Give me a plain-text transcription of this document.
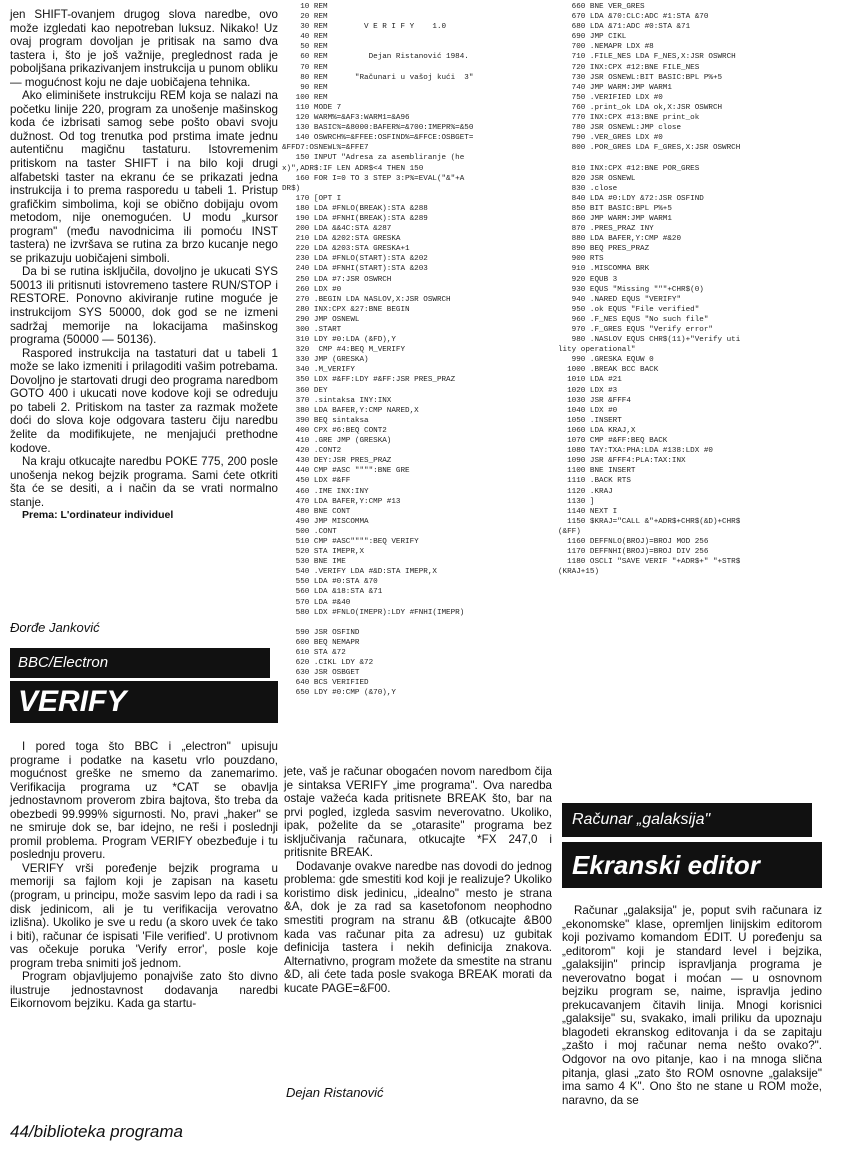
jen SHIFT-ovanjem drugog slova naredbe, ovo može izgledati kao nepotreban luksuz. Nikako! Uz ovaj program dovoljan je pritisak na samo dva tastera i, što je još važnije, preglednost rada je poboljšana prikazivanjem instrukcija u punom obliku — mogućnost koju ne daje uobičajena tehnika.

Ako eliminišete instrukciju REM koja se nalazi na početku linije 220, program za unošenje mašinskog koda će izbrisati samog sebe pošto obavi svoju dužnost. Od tog trenutka pod prstima imate jednu autentičnu magičnu tastaturu. Istovremenim pritiskom na taster SHIFT i na bilo koji drugi alfabetski taster na ekranu će se prikazati jedna instrukcija i to prema rasporedu u tabeli 1. Pristup grafičkim simbolima, koji se obično dobijaju ovom metodom, nije onemogućen. U modu „kursor program" (među navodnicima ili pomoću INST tastera) ne izvršava se rutina za brzo kucanje nego se prikazuju uobičajeni simboli.

Da bi se rutina isključila, dovoljno je ukucati SYS 50013 ili pritisnuti istovremeno tastere RUN/STOP i RESTORE. Ponovno akiviranje rutine moguće je instrukcijom SYS 50000, dok god se ne izmeni sadržaj memorije na lokacijama mašinskog programa (50000 — 50136).

Raspored instrukcija na tastaturi dat u tabeli 1 može se lako izmeniti i prilagoditi vašim potrebama. Dovoljno je startovati drugi deo programa naredbom GOTO 400 i ukucati nove kodove koji se odreduju po tabeli 2. Pritiskom na taster za razmak možete doći do slova koje odgovara tasteru čiju naredbu želite da modifikujete, ne menjajući prethodne kodove.

Na kraju otkucajte naredbu POKE 775, 200 posle unošenja nekog bejzik programa. Sami ćete otkriti šta će se desiti, a i način da se vrati normalno stanje.

Prema: L'ordinateur individuel

Đorđe Janković
BBC/Electron
VERIFY

I pored toga što BBC i „electron" upisuju programe i podatke na kasetu vrlo pouzdano, mogućnost greške ne smemo da zanemarimo. Verifikacija programa uz *CAT se obavlja jednostavnom proverom zbira bajtova, što treba da obezbedi 99.999% sigurnosti. No, pravi „haker" se ne smiruje dok se, bar idejno, ne reši i poslednji promil problema. Program VERIFY obezbeđuje i tu poslednju proveru.

VERIFY vrši poređenje bejzik programa u memoriji sa fajlom koji je zapisan na kasetu (program, u principu, može sasvim lepo da radi i sa disk jedinicom, ali je tu verifikacija verovatno izlišna). Ukoliko je sve u redu (a skoro uvek će tako i biti), računar će ispisati 'File verified'. U protivnom vas očekuje poruka 'Verify error', posle koje program treba snimiti još jednom.

Program objavljujemo ponajviše zato što divno ilustruje jednostavnost dodavanja naredbi Eikornovom bejziku. Kada ga startu-

44/biblioteka programa
10 REM
20 REM
30 REM        V E R I F Y    1.0
40 REM
50 REM
60 REM         Dejan Ristanović 1984.
70 REM
80 REM      "Računari u vašoj kući  3"
90 REM
100 REM
110 MODE 7
120 WARM%=&AF3:WARM1=&A96
130 BASIC%=&8000:BAFER%=&700:IMEPR%=&50
140 OSWRCH%=&FFEE:OSFIND%=&FFCE:OSBGET=
&FFD7:OSNEWL%=&FFE7
150 INPUT "Adresa za asembliranje (he
x)",ADR$:IF LEN ADR$<4 THEN 150
160 FOR I=0 TO 3 STEP 3:P%=EVAL("&"+A
DR$)
170 [OPT I
180 LDA #FNLO(BREAK):STA &288
190 LDA #FNHI(BREAK):STA &289
200 LDA &&4C:STA &287
210 LDA &202:STA GRESKA
220 LDA &203:STA GRESKA+1
230 LDA #FNLO(START):STA &202
240 LDA #FNHI(START):STA &203
250 LDA #7:JSR OSWRCH
260 LDX #0
270 .BEGIN LDA NASLOV,X:JSR OSWRCH
280 INX:CPX &27:BNE BEGIN
290 JMP OSNEWL
300 .START
310 LDY #0:LDA (&FD),Y
320  CMP #4:BEQ M_VERIFY
330 JMP (GRESKA)
340 .M_VERIFY
350 LDX #&FF:LDY #&FF:JSR PRES_PRAZ
360 DEY
370 .sintaksa INY:INX
380 LDA BAFER,Y:CMP NARED,X
390 BEQ sintaksa
400 CPX #6:BEQ CONT2
410 .GRE JMP (GRESKA)
420 .CONT2
430 DEY:JSR PRES_PRAZ
440 CMP #ASC """":BNE GRE
450 LDX #&FF
460 .IME INX:INY
470 LDA BAFER,Y:CMP #13
480 BNE CONT
490 JMP MISCOMMA
500 .CONT
510 CMP #ASC"""":BEQ VERIFY
520 STA IMEPR,X
530 BNE IME
540 .VERIFY LDA #&D:STA IMEPR,X
550 LDA #0:STA &70
560 LDA &18:STA &71
570 LDA #&40
580 LDX #FNLO(IMEPR):LDY #FNHI(IMEPR)

590 JSR OSFIND
600 BEQ NEMAPR
610 STA &72
620 .CIKL LDY &72
630 JSR OSBGET
640 BCS VERIFIED
650 LDY #0:CMP (&70),Y

jete, vaš je računar obogaćen novom naredbom čija je sintaksa VERIFY „ime programa". Ova naredba ostaje važeća kada pritisnete BREAK što, bar na prvi pogled, izgleda sasvim neverovatno. Ukoliko, ipak, poželite da se „otarasite" programa bez isključivanja računara, otkucajte *FX 247,0 i pritisnite BREAK.

Dodavanje ovakve naredbe nas dovodi do jednog problema: gde smestiti kod koji je realizuje? Ukoliko koristimo disk jedinicu, „idealno" mesto je strana &A, dok je za rad sa kasetofonom neophodno smestiti program na stranu &B (otkucajte &B00 kada vas računar pita za adresu) uz gubitak definicija tastera i nekih definicija znakova. Alternativno, program možete da smestite na stranu &D, ali ćete tada posle svakoga BREAK morati da kucate PAGE=&F00.

Dejan Ristanović
660 BNE VER_GRES
670 LDA &70:CLC:ADC #1:STA &70
680 LDA &71:ADC #0:STA &71
690 JMP CIKL
700 .NEMAPR LDX #8
710 .FILE_NES LDA F_NES,X:JSR OSWRCH
720 INX:CPX #12:BNE FILE_NES
730 JSR OSNEWL:BIT BASIC:BPL P%+5
740 JMP WARM:JMP WARM1
750 .VERIFIED LDX #0
760 .print_ok LDA ok,X:JSR OSWRCH
770 INX:CPX #13:BNE print_ok
780 JSR OSNEWL:JMP close
790 .VER_GRES LDX #0
800 .POR_GRES LDA F_GRES,X:JSR OSWRCH

810 INX:CPX #12:BNE POR_GRES
820 JSR OSNEWL
830 .close
840 LDA #0:LDY &72:JSR OSFIND
850 BIT BASIC:BPL P%+5
860 JMP WARM:JMP WARM1
870 .PRES_PRAZ INY
880 LDA BAFER,Y:CMP #&20
890 BEQ PRES_PRAZ
900 RTS
910 .MISCOMMA BRK
920 EQUB 3
930 EQUS "Missing """+CHR$(0)
940 .NARED EQUS "VERIFY"
950 .ok EQUS "File verified"
960 .F_NES EQUS "No such file"
970 .F_GRES EQUS "Verify error"
980 .NASLOV EQUS CHR$(11)+"Verify uti
lity operational"
990 .GRESKA EQUW 0
1000 .BREAK BCC BACK
1010 LDA #21
1020 LDX #3
1030 JSR &FFF4
1040 LDX #0
1050 .INSERT
1060 LDA KRAJ,X
1070 CMP #&FF:BEQ BACK
1080 TAY:TXA:PHA:LDA #138:LDX #0
1090 JSR &FFF4:PLA:TAX:INX
1100 BNE INSERT
1110 .BACK RTS
1120 .KRAJ
1130 ]
1140 NEXT I
1150 $KRAJ="CALL &"+ADR$+CHR$(&D)+CHR$
(&FF)
1160 DEFFNLO(BROJ)=BROJ MOD 256
1170 DEFFNHI(BROJ)=BROJ DIV 256
1180 OSCLI "SAVE VERIF "+ADR$+" "+STR$
(KRAJ+15)
Računar „galaksija"
Ekranski editor

Računar „galaksija" je, poput svih računara iz „ekonomske" klase, opremljen linijskim editorom koji pozivamo komandom EDIT. U poređenju sa „editorom" koji je standard level i bejzika, „galaksijin" princip ispravljanja programa je neverovatno bogat i moćan — u osnovnom bejziku program se, naime, ispravlja jedino prekucavanjem čitavih linija. Mnogi korisnici „galaksije" su, svakako, imali priliku da upoznaju blagodeti ekranskog editovanja i da se zapitaju „zašto i moj računar nema nešto ovako?". Odgovor na ovo pitanje, kao i na mnoga slična pitanja, glasi „zato što ROM osnovne „galaksije" ima samo 4 K". Ono što ne stane u ROM može, naravno, da se
